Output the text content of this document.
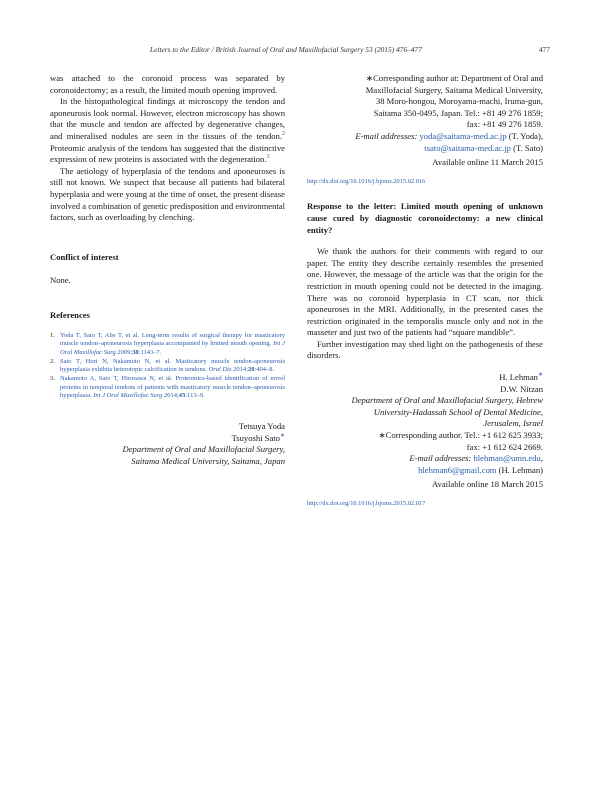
Letters to the Editor / British Journal of Oral and Maxillofacial Surgery 53 (2015) 476–477	477

was attached to the coronoid process was separated by coronoidectomy; as a result, the limited mouth opening improved.

In the histopathological findings at microscopy the tendon and aponeurosis look normal. However, electron microscopy has shown that the muscle and tendon are affected by degenerative changes, and mineralised nodules are seen in the tissues of the tendon.$^2$ Proteomic analysis of the tendons has suggested that the distinctive expression of new proteins is associated with the degeneration.$^3$

The aetiology of hyperplasia of the tendons and aponeuroses is still not known. We suspect that because all patients had bilateral hyperplasia and were young at the time of onset, the present disease involved a combination of genetic predisposition and environmental factors, such as overloading by clenching.

Conflict of interest

None.

References

1. Yoda T, Sato T, Abe T, et al. Long-term results of surgical therapy for masticatory muscle tendon–aponeurosis hyperplasia accompanied by limited mouth opening. Int J Oral Maxillofac Surg 2009;38:1143–7.

2. Sato T, Hori N, Nakamoto N, et al. Masticatory muscle tendon-aponeurosis hyperplasia exhibits heterotopic calcification in tendons. Oral Dis 2014;20:404–8.

3. Nakamoto A, Sato T, Hirosawa N, et al. Proteomics-based identification of novel proteins in temporal tendons of patients with masticatory muscle tendon–aponeurosis hyperplasia. Int J Oral Maxillofac Surg 2014;43:113–9.

Tetsuya Yoda
Tsuyoshi Sato∗
Department of Oral and Maxillofacial Surgery,
Saitama Medical University, Saitama, Japan
∗Corresponding author at: Department of Oral and
Maxillofacial Surgery, Saitama Medical University,
38 Moro-hongou, Moroyama-machi, Iruma-gun,
Saitama 350-0495, Japan. Tel.: +81 49 276 1859;
fax: +81 49 276 1859.
E-mail addresses: yoda@saitama-med.ac.jp (T. Yoda),
tsato@saitama-med.ac.jp (T. Sato)
Available online 11 March 2015
http://dx.doi.org/10.1016/j.bjoms.2015.02.016

Response to the letter: Limited mouth opening of unknown cause cured by diagnostic coronoidectomy: a new clinical entity?

We thank the authors for their comments with regard to our paper. The entity they describe certainly resembles the presented one. However, the message of the article was that the origin for the restriction in mouth opening could not be detected in the imaging. There was no coronoid hyperplasia in CT scan, nor thick aponeuroses in the MRI. Additionally, in the presented cases the restriction originated in the temporalis muscle only and not in the masseter and just two of the patients had “square mandible”.

Further investigation may shed light on the pathogenesis of these disorders.

H. Lehman∗
D.W. Nitzan
Department of Oral and Maxillofacial Surgery, Hebrew
University-Hadassah School of Dental Medicine,
Jerusalem, Israel
∗Corresponding author. Tel.: +1 612 625 3933;
fax: +1 612 624 2669.
E-mail addresses: hlehman@umn.edu,
hlehman6@gmail.com (H. Lehman)
Available online 18 March 2015
http://dx.doi.org/10.1016/j.bjoms.2015.02.017
